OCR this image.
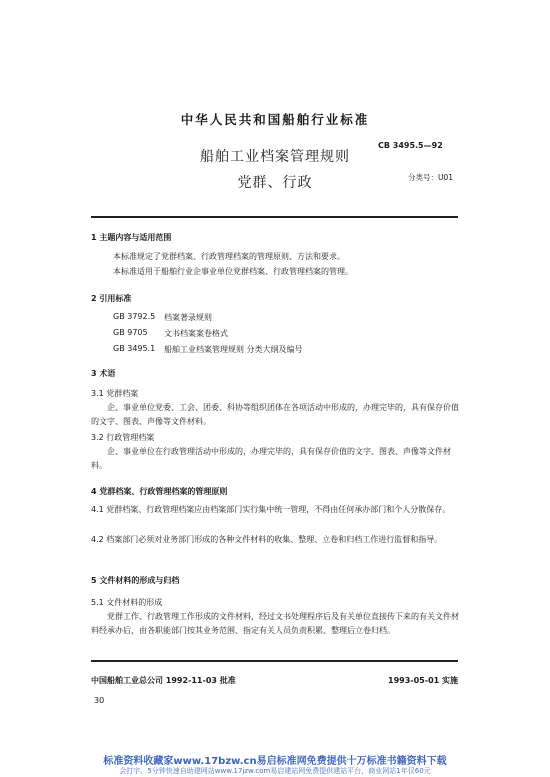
中华人民共和国船舶行业标准
CB 3495.5—92
船舶工业档案管理规则
党群、行政	分类号：U01
1 主题内容与适用范围
本标准规定了党群档案、行政管理档案的管理原则、方法和要求。
本标准适用于船舶行业企事业单位党群档案、行政管理档案的管理。
2 引用标准
GB 3792.5 档案著录规则
GB 9705 文书档案案卷格式
GB 3495.1 船舶工业档案管理规则 分类大纲及编号
3 术语
3.1 党群档案
企、事业单位党委、工会、团委、科协等组织团体在各项活动中形成的，办理完毕的，具有保存价值的文字、图表、声像等文件材料。
3.2 行政管理档案
企、事业单位在行政管理活动中形成的，办理完毕的，具有保存价值的文字、图表、声像等文件材料。
4 党群档案、行政管理档案的管理原则
4.1 党群档案、行政管理档案应由档案部门实行集中统一管理，不得由任何承办部门和个人分散保存。
4.2 档案部门必须对业务部门形成的各种文件材料的收集、整理、立卷和归档工作进行监督和指导。
5 文件材料的形成与归档
5.1 文件材料的形成
党群工作、行政管理工作形成的文件材料，经过文书处理程序后及有关单位直接传下来的有关文件材料经承办后，由各职能部门按其业务范围、指定有关人员负责积累、整理后立卷归档。
中国船舶工业总公司 1992-11-03 批准	1993-05-01 实施
30
标准资料收藏家www.17bzw.cn易启标准网免费提供十万标准书籍资料下载
会打字、5分钟快速自助建网站www.17jzw.com易启建站网免费提供建站平台，商业网站1年仅60元
